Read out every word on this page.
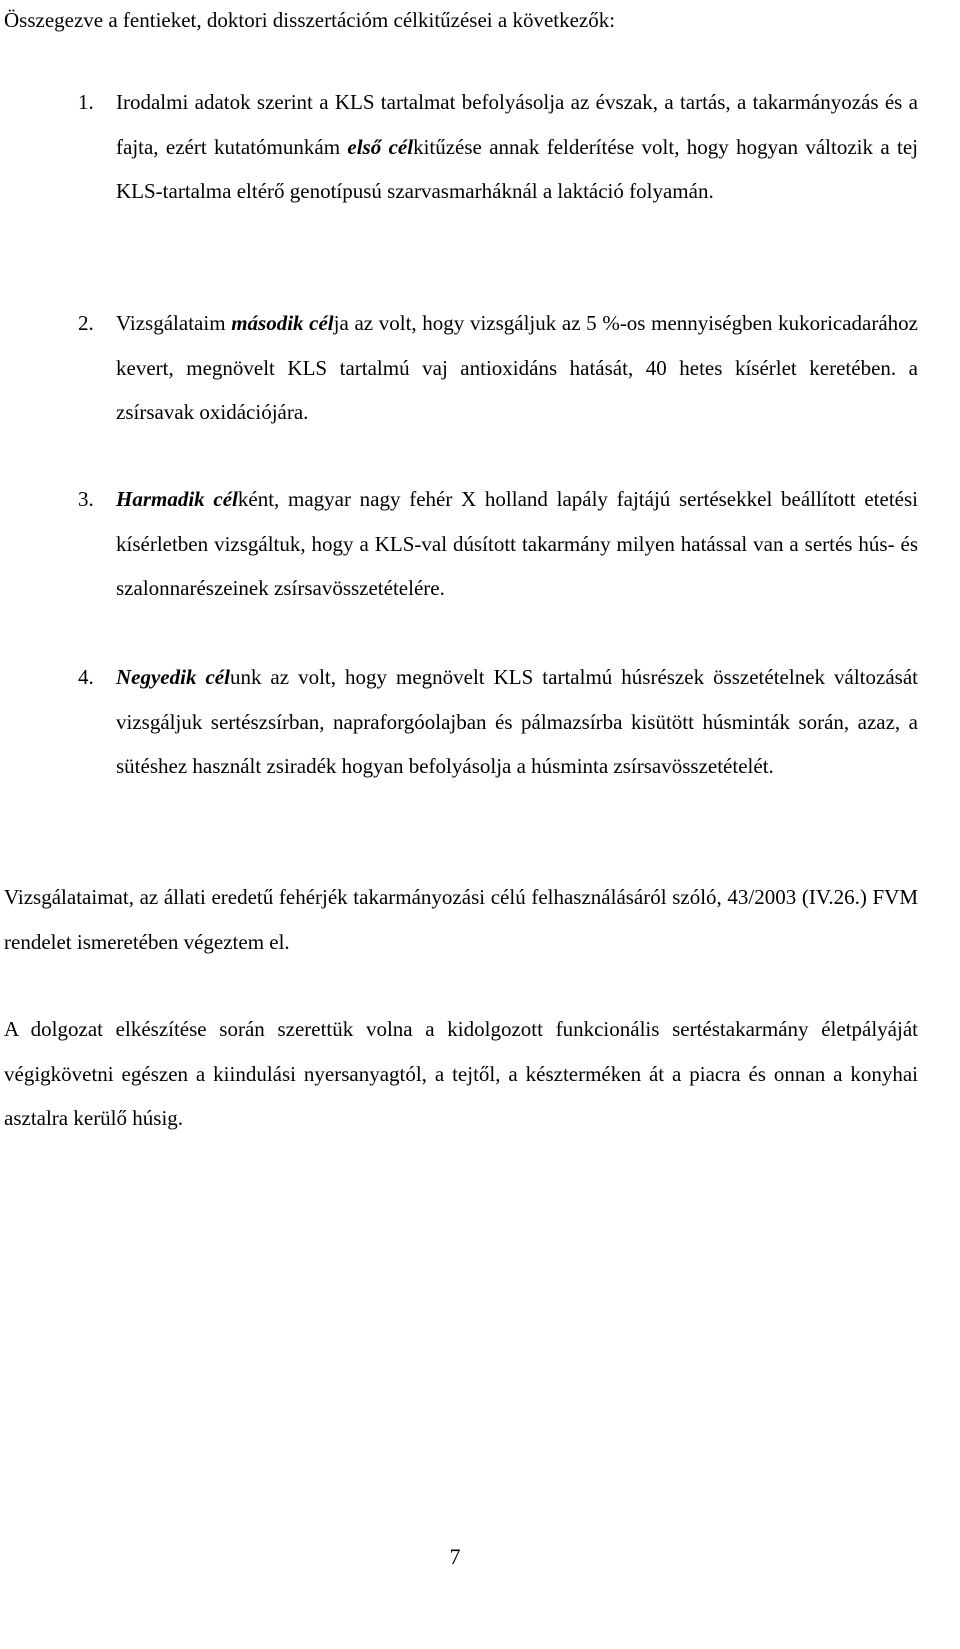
Összegezve a fentieket, doktori disszertációm célkitűzései a következők:

1.	Irodalmi adatok szerint a KLS tartalmat befolyásolja az évszak, a tartás, a takarmányozás és a fajta, ezért kutatómunkám első célkitűzése annak felderítése volt, hogy hogyan változik a tej KLS-tartalma eltérő genotípusú szarvasmarháknál a laktáció folyamán.
2.	Vizsgálataim második célja az volt, hogy vizsgáljuk az 5 %-os mennyiségben kukoricadarához kevert, megnövelt KLS tartalmú vaj antioxidáns hatását, 40 hetes kísérlet keretében. a zsírsavak oxidációjára.
3.	Harmadik célként, magyar nagy fehér X holland lapály fajtájú sertésekkel beállított etetési kísérletben vizsgáltuk, hogy a KLS-val dúsított takarmány milyen hatással van a sertés hús- és szalonnarészeinek zsírsavösszetételére.
4.	Negyedik célunk az volt, hogy megnövelt KLS tartalmú húsrészek összetételnek változását vizsgáljuk sertészsírban, napraforgóolajban és pálmazsírba kisütött húsminták során, azaz, a sütéshez használt zsiradék hogyan befolyásolja a húsminta zsírsavösszetételét.

Vizsgálataimat, az állati eredetű fehérjék takarmányozási célú felhasználásáról szóló, 43/2003 (IV.26.) FVM rendelet ismeretében végeztem el.

A dolgozat elkészítése során szerettük volna a kidolgozott funkcionális sertéstakarmány életpályáját végigkövetni egészen a kiindulási nyersanyagtól, a tejtől, a készterméken át a piacra és onnan a konyhai asztalra kerülő húsig.

7
